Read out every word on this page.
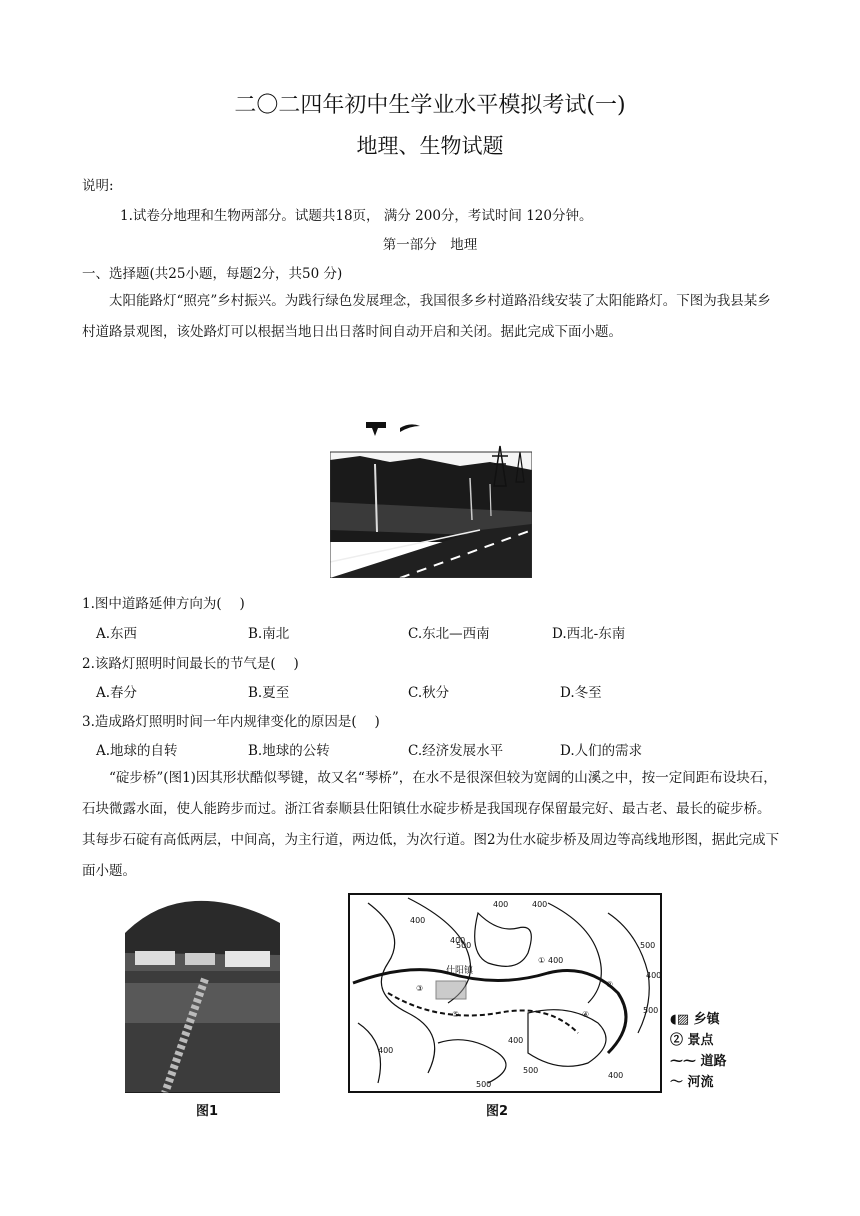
二〇二四年初中生学业水平模拟考试(一)
地理、生物试题
说明:
1.试卷分地理和生物两部分。试题共18页， 满分 200分，考试时间 120分钟。
第一部分　地理
一、选择题(共25小题，每题2分，共50 分)
太阳能路灯“照亮”乡村振兴。为践行绿色发展理念，我国很多乡村道路沿线安装了太阳能路灯。下图为我县某乡村道路景观图，该处路灯可以根据当地日出日落时间自动开启和关闭。据此完成下面小题。
1.图中道路延伸方向为(　 )
A.东西	B.南北	C.东北—西南	D.西北-东南
2.该路灯照明时间最长的节气是(　 )
A.春分	B.夏至	C.秋分	D.冬至
3.造成路灯照明时间一年内规律变化的原因是(　 )
A.地球的自转	B.地球的公转	C.经济发展水平	D.人们的需求
“碇步桥”(图1)因其形状酷似琴键，故又名“琴桥”，在水不是很深但较为宽阔的山溪之中，按一定间距布设块石，石块微露水面，使人能跨步而过。浙江省泰顺县仕阳镇仕水碇步桥是我国现存保留最完好、最古老、最长的碇步桥。其每步石碇有高低两层，中间高，为主行道，两边低，为次行道。图2为仕水碇步桥及周边等高线地形图，据此完成下面小题。
图1
仕阳镇
400
400
400
500
400
400
500
400
400
500
400
400
500
500
①
②
③
④
⑤
图2
◖▨ 乡镇
② 景点
⁓⁓ 道路
〜 河流
